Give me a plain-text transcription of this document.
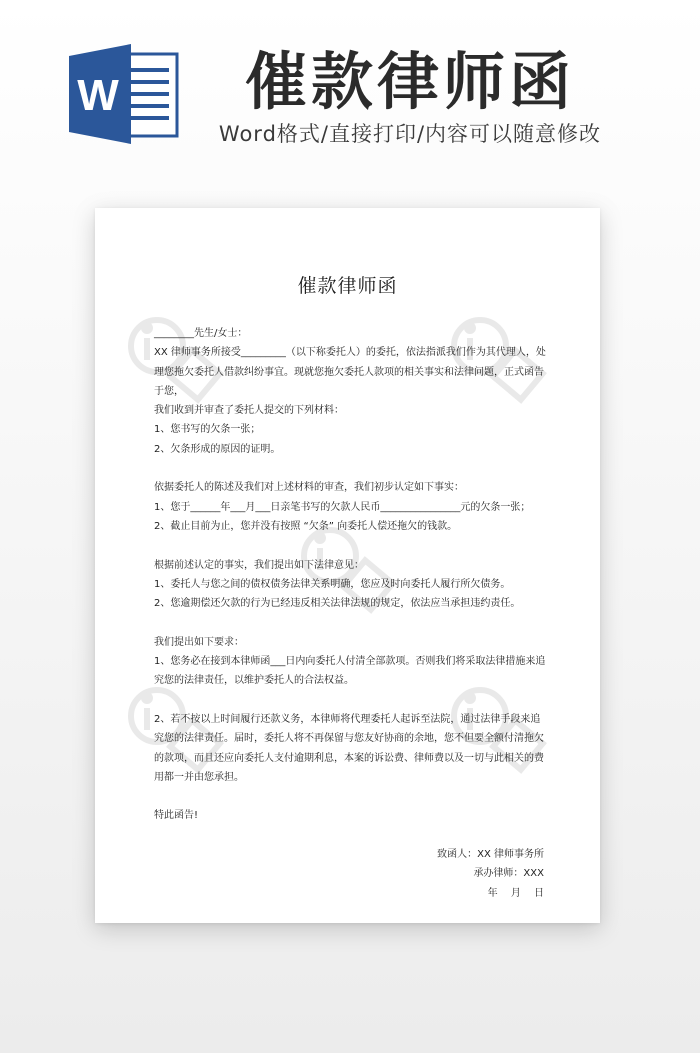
W 催款律师函
Word格式/直接打印/内容可以随意修改
催款律师函

________先生/女士：

XX 律师事务所接受_________（以下称委托人）的委托，依法指派我们作为其代理人，处理您拖欠委托人借款纠纷事宜。现就您拖欠委托人款项的相关事实和法律问题，正式函告于您，

我们收到并审查了委托人提交的下列材料：

1、您书写的欠条一张；

2、欠条形成的原因的证明。

依据委托人的陈述及我们对上述材料的审查，我们初步认定如下事实：

1、您于______年___月___日亲笔书写的欠款人民币________________元的欠条一张；

2、截止目前为止，您并没有按照 “欠条” 向委托人偿还拖欠的钱款。

根据前述认定的事实，我们提出如下法律意见：

1、委托人与您之间的债权债务法律关系明确，您应及时向委托人履行所欠债务。

2、您逾期偿还欠款的行为已经违反相关法律法规的规定，依法应当承担违约责任。

我们提出如下要求：

1、您务必在接到本律师函___日内向委托人付清全部款项。否则我们将采取法律措施来追究您的法律责任，以维护委托人的合法权益。

2、若不按以上时间履行还款义务，本律师将代理委托人起诉至法院，通过法律手段来追究您的法律责任。届时，委托人将不再保留与您友好协商的余地，您不但要全额付清拖欠的款项，而且还应向委托人支付逾期利息，本案的诉讼费、律师费以及一切与此相关的费用都一并由您承担。

特此函告!

致函人：XX 律师事务所

承办律师：XXX

年　 月　 日
